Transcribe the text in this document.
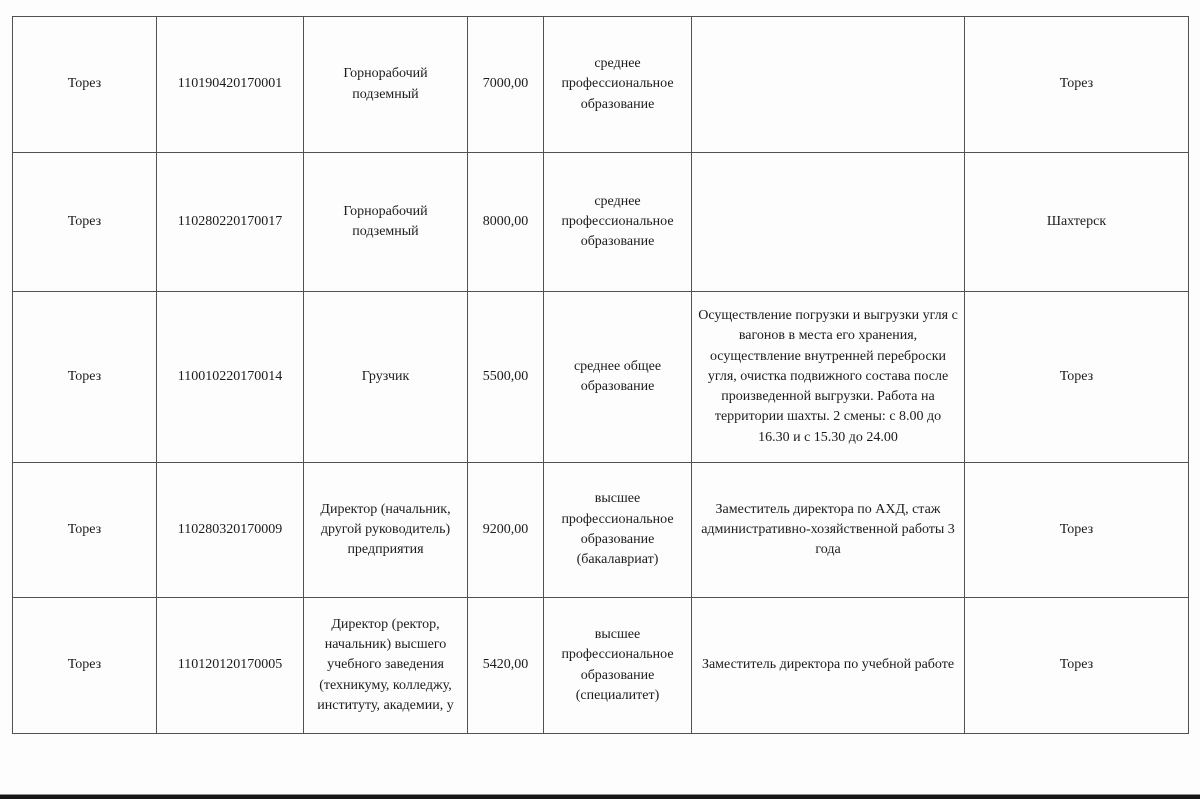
Торез	110190420170001	Горнорабочий подземный	7000,00	среднее профессиональное образование		Торез
Торез	110280220170017	Горнорабочий подземный	8000,00	среднее профессиональное образование		Шахтерск
Торез	110010220170014	Грузчик	5500,00	среднее общее образование	Осуществление погрузки и выгрузки угля с вагонов в места его хранения, осуществление внутренней переброски угля, очистка подвижного состава после произведенной выгрузки. Работа на территории шахты. 2 смены: с 8.00 до 16.30 и с 15.30 до 24.00	Торез
Торез	110280320170009	Директор (начальник, другой руководитель) предприятия	9200,00	высшее профессиональное образование (бакалавриат)	Заместитель директора по АХД, стаж административно-хозяйственной работы 3 года	Торез
Торез	110120120170005	Директор (ректор, начальник) высшего учебного заведения (техникуму, колледжу, институту, академии, у	5420,00	высшее профессиональное образование (специалитет)	Заместитель директора по учебной работе	Торез
